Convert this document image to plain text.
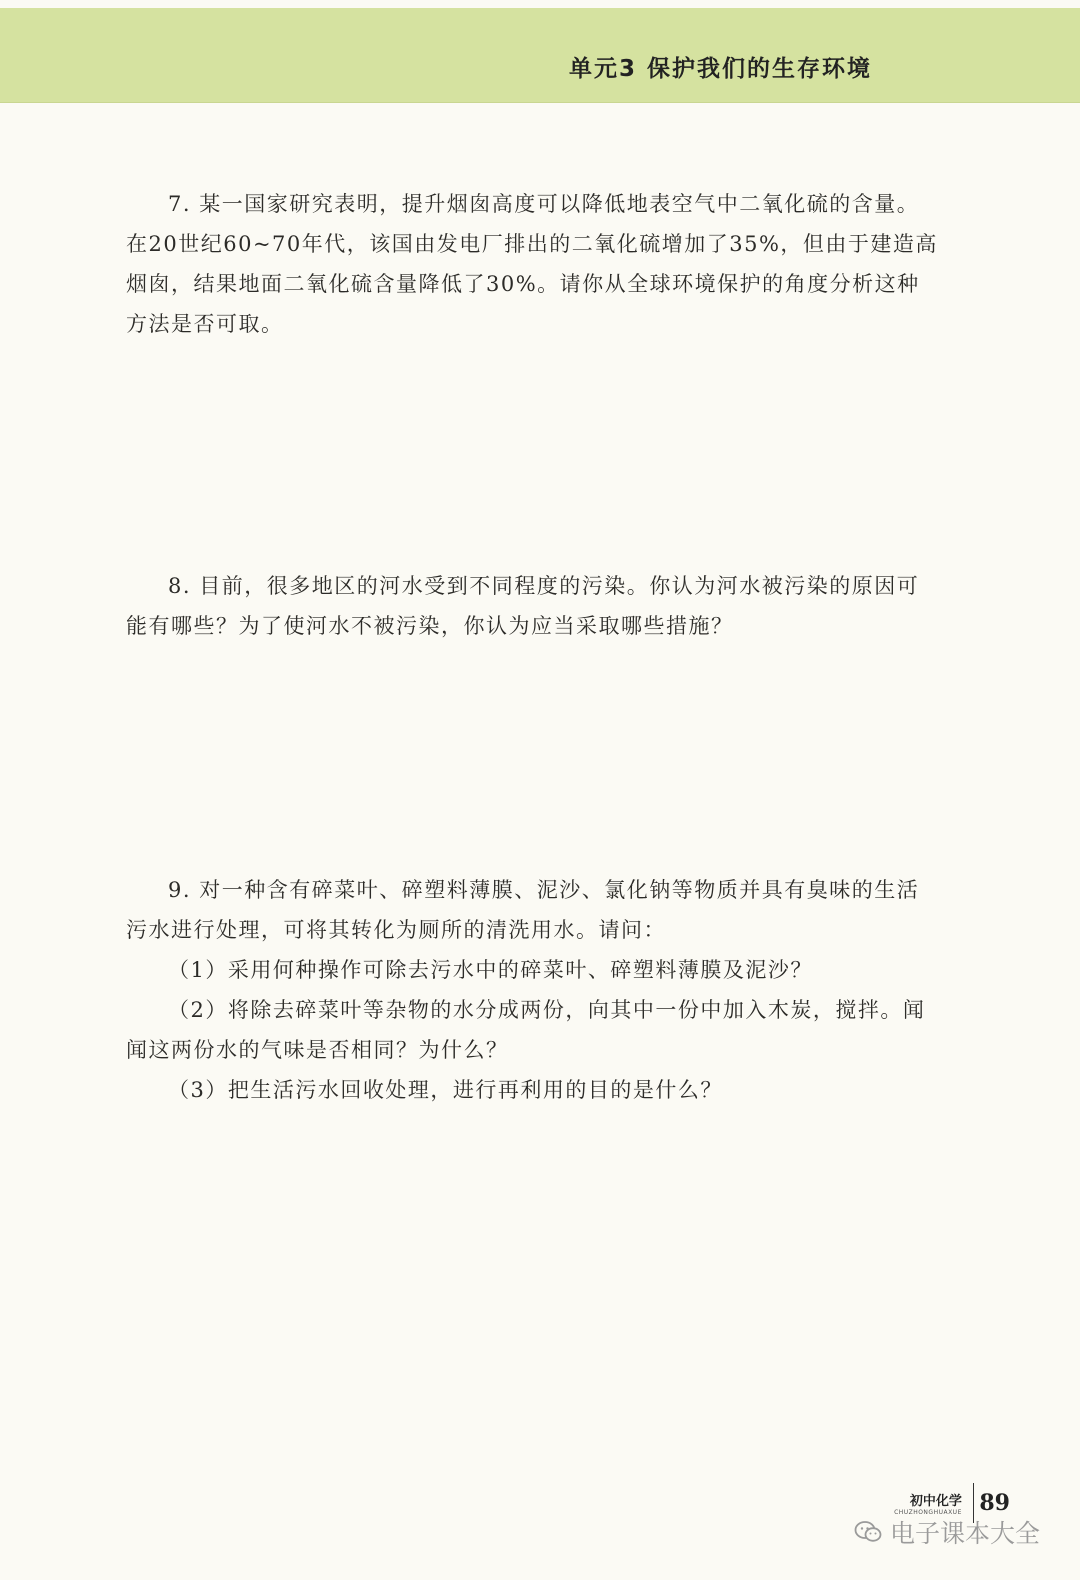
单元3 保护我们的生存环境

7. 某一国家研究表明，提升烟囱高度可以降低地表空气中二氧化硫的含量。在20世纪60~70年代，该国由发电厂排出的二氧化硫增加了35%，但由于建造高烟囱，结果地面二氧化硫含量降低了30%。请你从全球环境保护的角度分析这种方法是否可取。

8. 目前，很多地区的河水受到不同程度的污染。你认为河水被污染的原因可能有哪些？为了使河水不被污染，你认为应当采取哪些措施？

9. 对一种含有碎菜叶、碎塑料薄膜、泥沙、氯化钠等物质并具有臭味的生活污水进行处理，可将其转化为厕所的清洗用水。请问：

（1）采用何种操作可除去污水中的碎菜叶、碎塑料薄膜及泥沙？

（2）将除去碎菜叶等杂物的水分成两份，向其中一份中加入木炭，搅拌。闻闻这两份水的气味是否相同？为什么？

（3）把生活污水回收处理，进行再利用的目的是什么？

初中化学
CHUZHONGHUAXUE 89
电子课本大全
